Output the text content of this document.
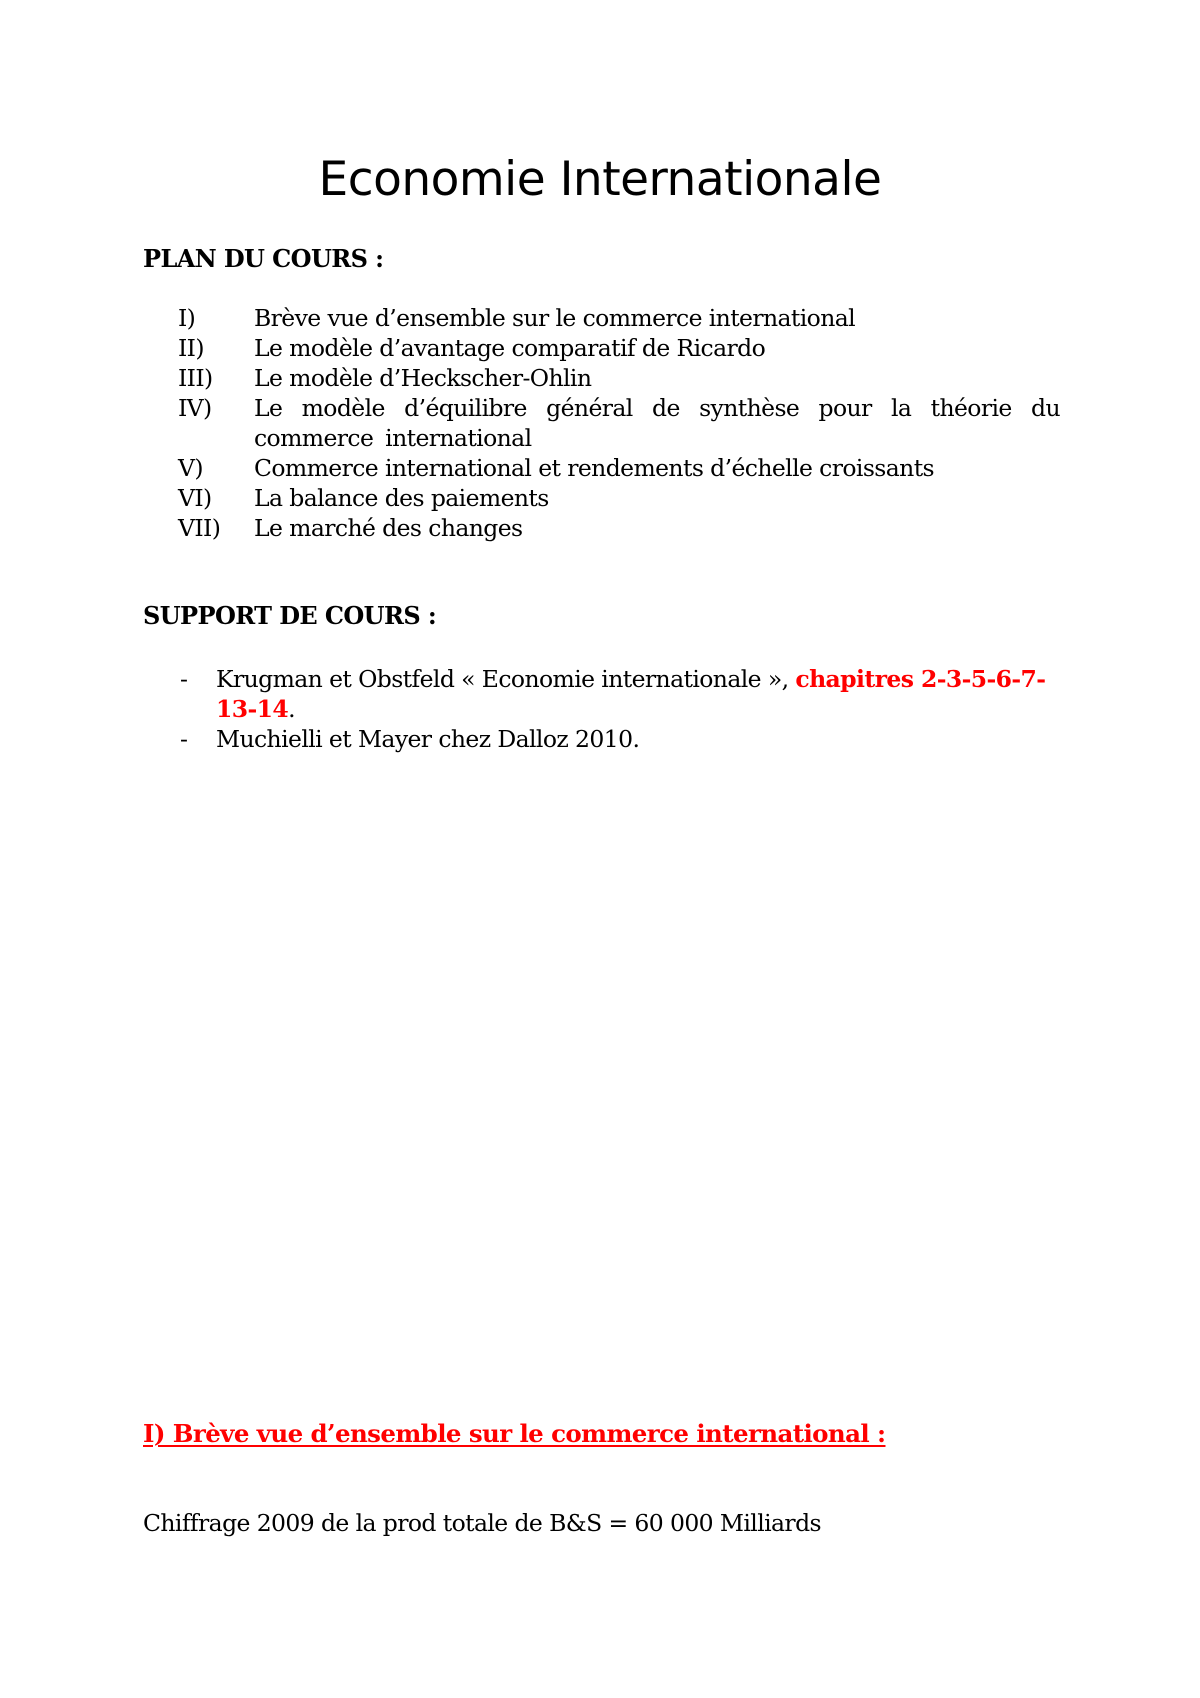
Economie Internationale
PLAN DU COURS :
I) Brève vue d’ensemble sur le commerce international
II) Le modèle d’avantage comparatif de Ricardo
III) Le modèle d’Heckscher-Ohlin
IV) Le modèle d’équilibre général de synthèse pour la théorie du commerce international
V) Commerce international et rendements d’échelle croissants
VI) La balance des paiements
VII) Le marché des changes
SUPPORT DE COURS :
- Krugman et Obstfeld « Economie internationale », chapitres 2-3-5-6-7-13-14.
- Muchielli et Mayer chez Dalloz 2010.
I) Brève vue d’ensemble sur le commerce international :
Chiffrage 2009 de la prod totale de B&S = 60 000 Milliards
